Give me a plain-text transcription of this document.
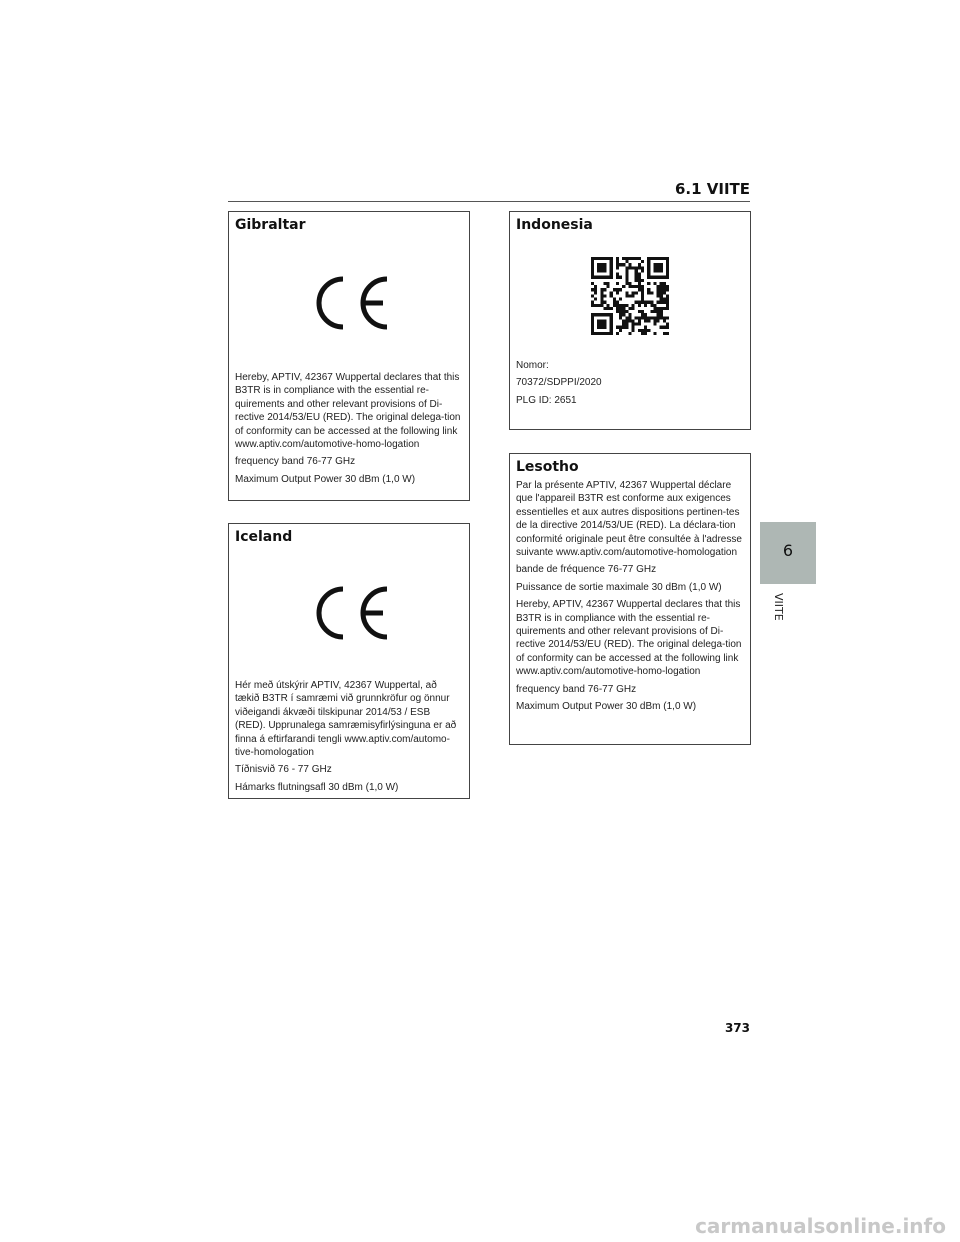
6.1 VIITE
Gibraltar

Hereby, APTIV, 42367 Wuppertal declares that this B3TR is in compliance with the essential re-quirements and other relevant provisions of Di-rective 2014/53/EU (RED). The original delega-tion of conformity can be accessed at the following link www.aptiv.com/automotive-homo-logation

frequency band 76-77 GHz

Maximum Output Power 30 dBm (1,0 W)

Iceland

Hér með útskýrir APTIV, 42367 Wuppertal, að tækið B3TR í samræmi við grunnkröfur og önnur viðeigandi ákvæði tilskipunar 2014/53 / ESB (RED). Upprunalega samræmisyfirlýsinguna er að finna á eftirfarandi tengli www.aptiv.com/automo-tive-homologation

Tíðnisvið 76 - 77 GHz

Hámarks flutningsafl 30 dBm (1,0 W)

Indonesia

Nomor:

70372/SDPPI/2020

PLG ID: 2651

Lesotho

Par la présente APTIV, 42367 Wuppertal déclare que l'appareil B3TR est conforme aux exigences essentielles et aux autres dispositions pertinen-tes de la directive 2014/53/UE (RED). La déclara-tion conformité originale peut être consultée à l'adresse suivante www.aptiv.com/automotive-homologation

bande de fréquence 76-77 GHz

Puissance de sortie maximale 30 dBm (1,0 W)

Hereby, APTIV, 42367 Wuppertal declares that this B3TR is in compliance with the essential re-quirements and other relevant provisions of Di-rective 2014/53/EU (RED). The original delega-tion of conformity can be accessed at the following link www.aptiv.com/automotive-homo-logation

frequency band 76-77 GHz

Maximum Output Power 30 dBm (1,0 W)

6
VIITE
373
carmanualsonline.info
